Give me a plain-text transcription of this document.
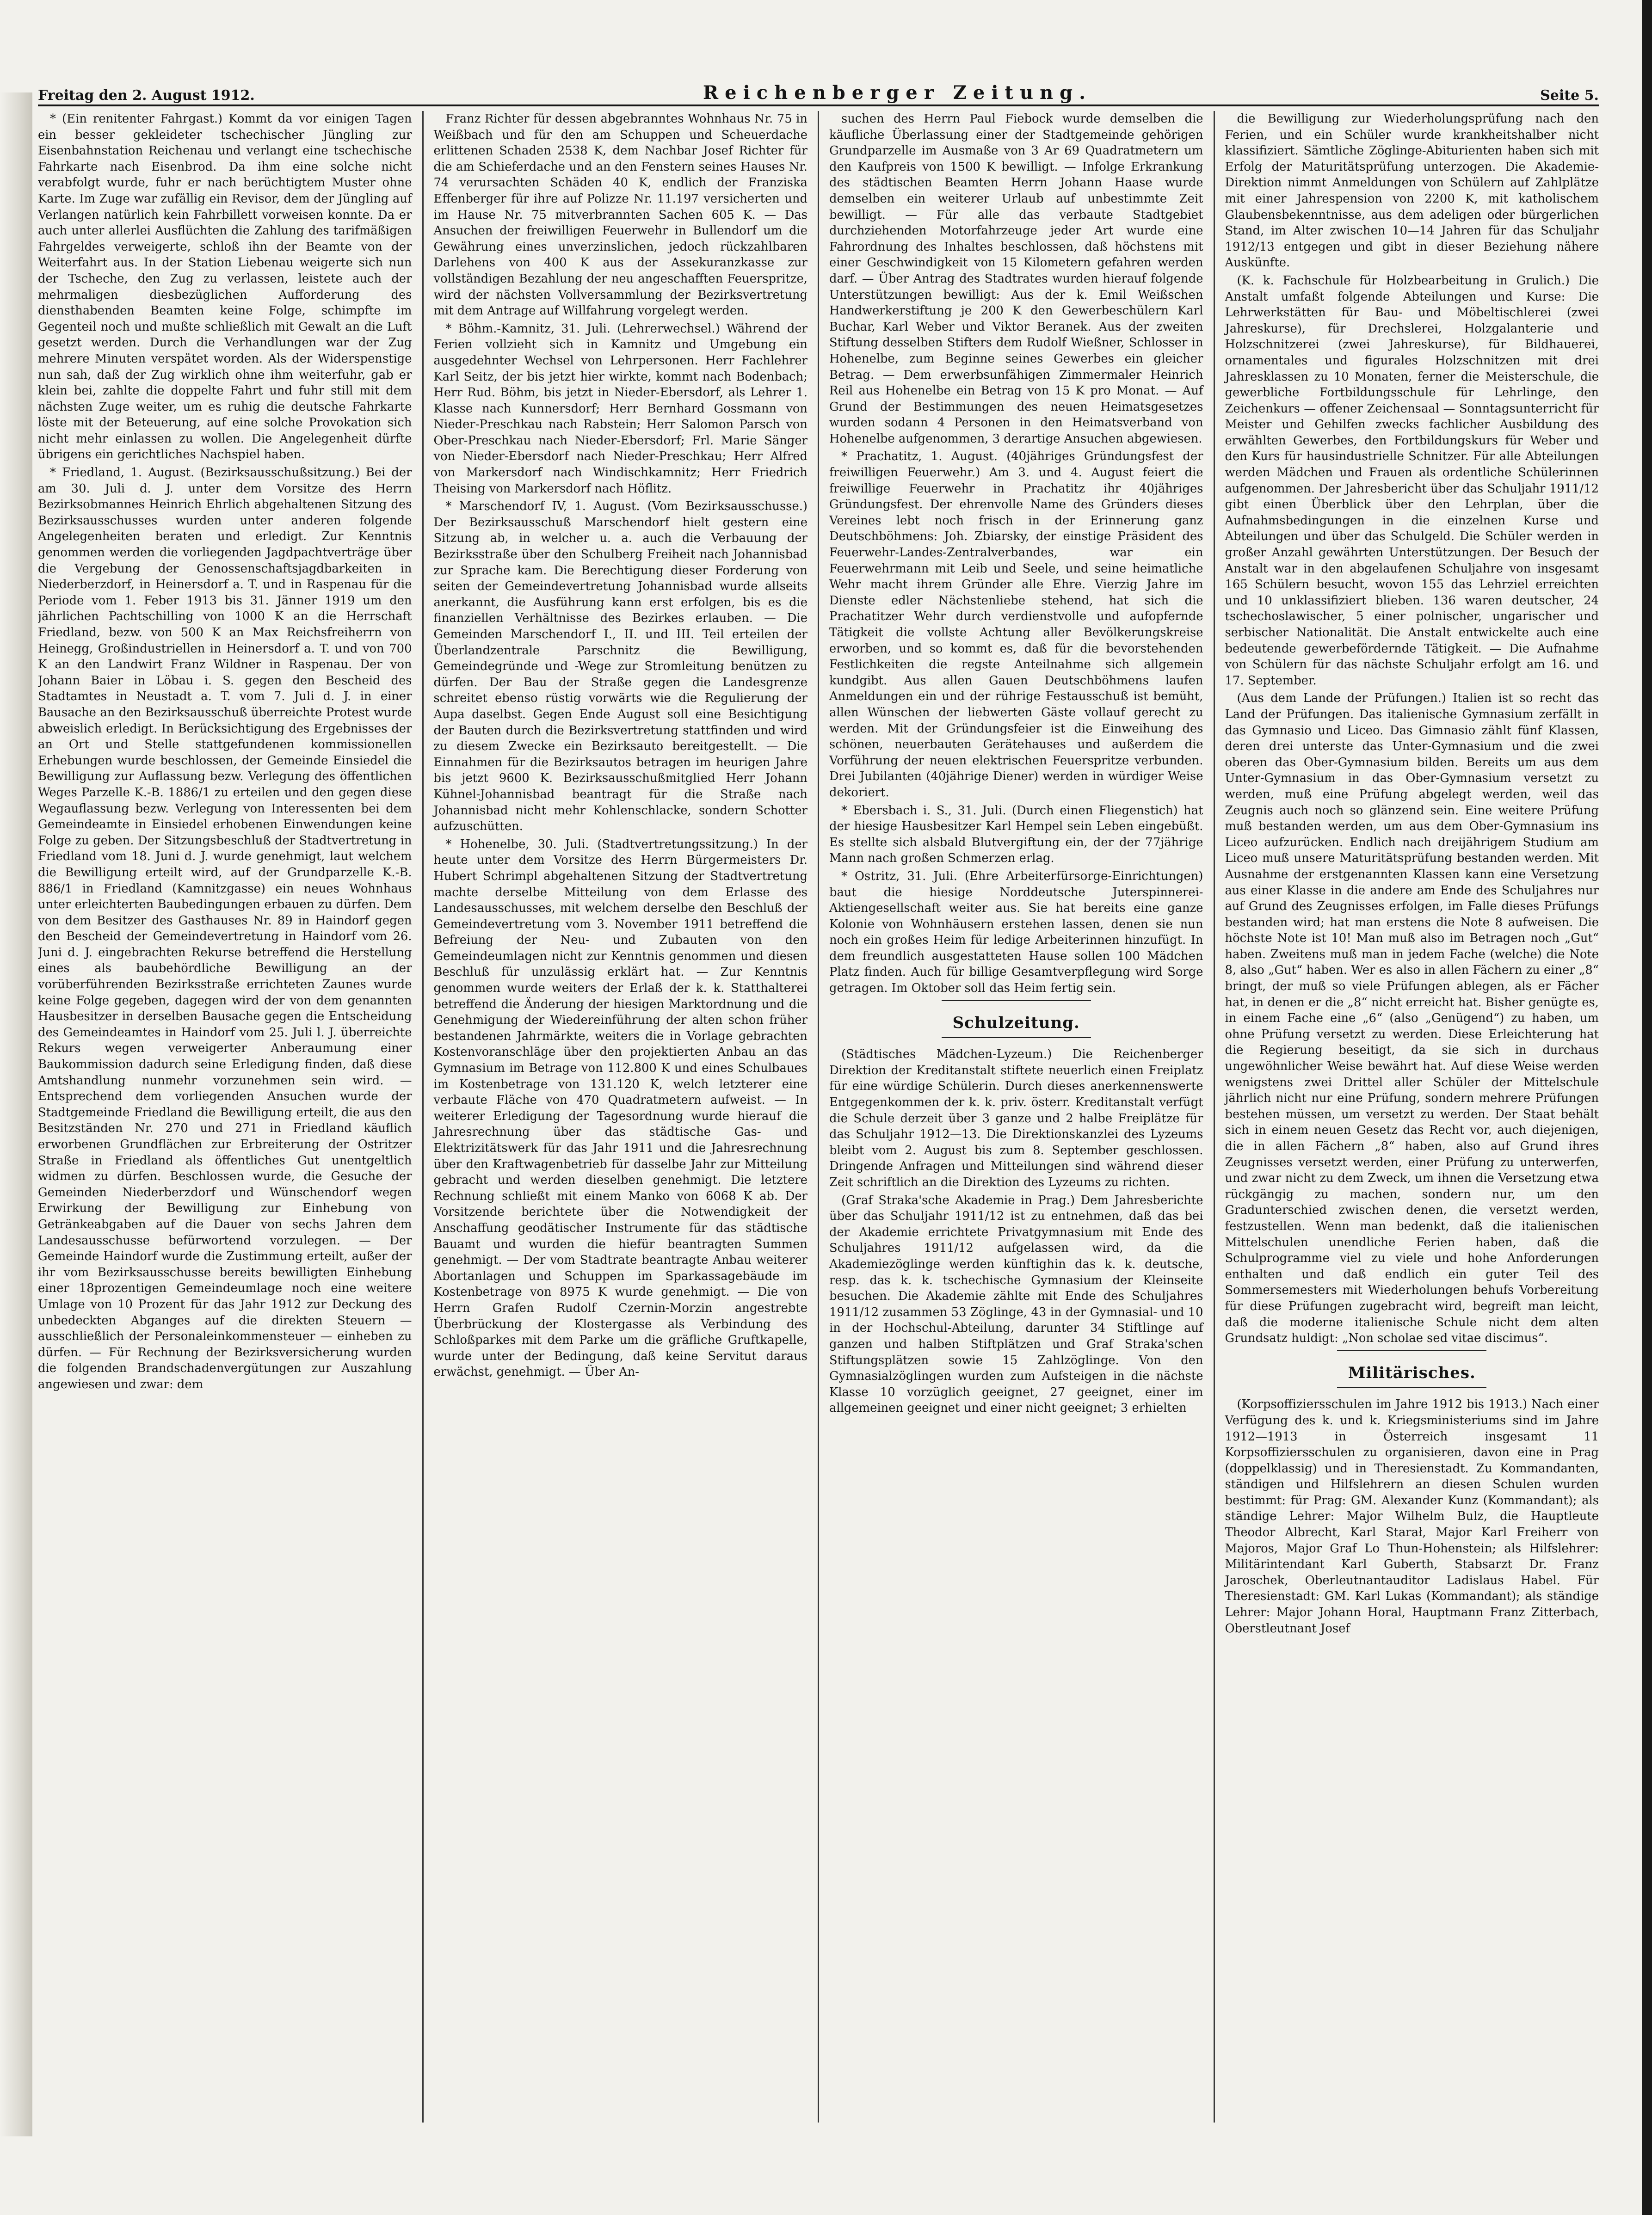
Freitag den 2. August 1912.	Reichenberger Zeitung.	Seite 5.

* (Ein renitenter Fahrgast.) Kommt da vor einigen Tagen ein besser gekleideter tschechischer Jüngling zur Eisenbahnstation Reichenau und verlangt eine tschechische Fahrkarte nach Eisenbrod. Da ihm eine solche nicht verabfolgt wurde, fuhr er nach berüchtigtem Muster ohne Karte. Im Zuge war zufällig ein Revisor, dem der Jüngling auf Verlangen natürlich kein Fahrbillett vorweisen konnte. Da er auch unter allerlei Ausflüchten die Zahlung des tarifmäßigen Fahrgeldes verweigerte, schloß ihn der Beamte von der Weiterfahrt aus. In der Station Liebenau weigerte sich nun der Tscheche, den Zug zu verlassen, leistete auch der mehrmaligen diesbezüglichen Aufforderung des diensthabenden Beamten keine Folge, schimpfte im Gegenteil noch und mußte schließlich mit Gewalt an die Luft gesetzt werden. Durch die Verhandlungen war der Zug mehrere Minuten verspätet worden. Als der Widerspenstige nun sah, daß der Zug wirklich ohne ihm weiterfuhr, gab er klein bei, zahlte die doppelte Fahrt und fuhr still mit dem nächsten Zuge weiter, um es ruhig die deutsche Fahrkarte löste mit der Beteuerung, auf eine solche Provokation sich nicht mehr einlassen zu wollen. Die Angelegenheit dürfte übrigens ein gerichtliches Nachspiel haben.

* Friedland, 1. August. (Bezirksausschußsitzung.) Bei der am 30. Juli d. J. unter dem Vorsitze des Herrn Bezirksobmannes Heinrich Ehrlich abgehaltenen Sitzung des Bezirksausschusses wurden unter anderen folgende Angelegenheiten beraten und erledigt. Zur Kenntnis genommen werden die vorliegenden Jagdpachtverträge über die Vergebung der Genossenschaftsjagdbarkeiten in Niederberzdorf, in Heinersdorf a. T. und in Raspenau für die Periode vom 1. Feber 1913 bis 31. Jänner 1919 um den jährlichen Pachtschilling von 1000 K an die Herrschaft Friedland, bezw. von 500 K an Max Reichsfreiherrn von Heinegg, Großindustriellen in Heinersdorf a. T. und von 700 K an den Landwirt Franz Wildner in Raspenau. Der von Johann Baier in Löbau i. S. gegen den Bescheid des Stadtamtes in Neustadt a. T. vom 7. Juli d. J. in einer Bausache an den Bezirksausschuß überreichte Protest wurde abweislich erledigt. In Berücksichtigung des Ergebnisses der an Ort und Stelle stattgefundenen kommissionellen Erhebungen wurde beschlossen, der Gemeinde Einsiedel die Bewilligung zur Auflassung bezw. Verlegung des öffentlichen Weges Parzelle K.-B. 1886/1 zu erteilen und den gegen diese Wegauflassung bezw. Verlegung von Interessenten bei dem Gemeindeamte in Einsiedel erhobenen Einwendungen keine Folge zu geben. Der Sitzungsbeschluß der Stadtvertretung in Friedland vom 18. Juni d. J. wurde genehmigt, laut welchem die Bewilligung erteilt wird, auf der Grundparzelle K.-B. 886/1 in Friedland (Kamnitzgasse) ein neues Wohnhaus unter erleichterten Baubedingungen erbauen zu dürfen. Dem von dem Besitzer des Gasthauses Nr. 89 in Haindorf gegen den Bescheid der Gemeindevertretung in Haindorf vom 26. Juni d. J. eingebrachten Rekurse betreffend die Herstellung eines als baubehördliche Bewilligung an der vorüberführenden Bezirksstraße errichteten Zaunes wurde keine Folge gegeben, dagegen wird der von dem genannten Hausbesitzer in derselben Bausache gegen die Entscheidung des Gemeindeamtes in Haindorf vom 25. Juli l. J. überreichte Rekurs wegen verweigerter Anberaumung einer Baukommission dadurch seine Erledigung finden, daß diese Amtshandlung nunmehr vorzunehmen sein wird. — Entsprechend dem vorliegenden Ansuchen wurde der Stadtgemeinde Friedland die Bewilligung erteilt, die aus den Besitzständen Nr. 270 und 271 in Friedland käuflich erworbenen Grundflächen zur Erbreiterung der Ostritzer Straße in Friedland als öffentliches Gut unentgeltlich widmen zu dürfen. Beschlossen wurde, die Gesuche der Gemeinden Niederberzdorf und Wünschendorf wegen Erwirkung der Bewilligung zur Einhebung von Getränkeabgaben auf die Dauer von sechs Jahren dem Landesausschusse befürwortend vorzulegen. — Der Gemeinde Haindorf wurde die Zustimmung erteilt, außer der ihr vom Bezirksausschusse bereits bewilligten Einhebung einer 18prozentigen Gemeindeumlage noch eine weitere Umlage von 10 Prozent für das Jahr 1912 zur Deckung des unbedeckten Abganges auf die direkten Steuern — ausschließlich der Personaleinkommensteuer — einheben zu dürfen. — Für Rechnung der Bezirksversicherung wurden die folgenden Brandschadenvergütungen zur Auszahlung angewiesen und zwar: dem

Franz Richter für dessen abgebranntes Wohnhaus Nr. 75 in Weißbach und für den am Schuppen und Scheuerdache erlittenen Schaden 2538 K, dem Nachbar Josef Richter für die am Schieferdache und an den Fenstern seines Hauses Nr. 74 verursachten Schäden 40 K, endlich der Franziska Effenberger für ihre auf Polizze Nr. 11.197 versicherten und im Hause Nr. 75 mitverbrannten Sachen 605 K. — Das Ansuchen der freiwilligen Feuerwehr in Bullendorf um die Gewährung eines unverzinslichen, jedoch rückzahlbaren Darlehens von 400 K aus der Assekuranzkasse zur vollständigen Bezahlung der neu angeschafften Feuerspritze, wird der nächsten Vollversammlung der Bezirksvertretung mit dem Antrage auf Willfahrung vorgelegt werden.

* Böhm.-Kamnitz, 31. Juli. (Lehrerwechsel.) Während der Ferien vollzieht sich in Kamnitz und Umgebung ein ausgedehnter Wechsel von Lehrpersonen. Herr Fachlehrer Karl Seitz, der bis jetzt hier wirkte, kommt nach Bodenbach; Herr Rud. Böhm, bis jetzt in Nieder-Ebersdorf, als Lehrer 1. Klasse nach Kunnersdorf; Herr Bernhard Gossmann von Nieder-Preschkau nach Rabstein; Herr Salomon Parsch von Ober-Preschkau nach Nieder-Ebersdorf; Frl. Marie Sänger von Nieder-Ebersdorf nach Nieder-Preschkau; Herr Alfred von Markersdorf nach Windischkamnitz; Herr Friedrich Theising von Markersdorf nach Höflitz.

* Marschendorf IV, 1. August. (Vom Bezirksausschusse.) Der Bezirksausschuß Marschendorf hielt gestern eine Sitzung ab, in welcher u. a. auch die Verbauung der Bezirksstraße über den Schulberg Freiheit nach Johannisbad zur Sprache kam. Die Berechtigung dieser Forderung von seiten der Gemeindevertretung Johannisbad wurde allseits anerkannt, die Ausführung kann erst erfolgen, bis es die finanziellen Verhältnisse des Bezirkes erlauben. — Die Gemeinden Marschendorf I., II. und III. Teil erteilen der Überlandzentrale Parschnitz die Bewilligung, Gemeindegründe und -Wege zur Stromleitung benützen zu dürfen. Der Bau der Straße gegen die Landesgrenze schreitet ebenso rüstig vorwärts wie die Regulierung der Aupa daselbst. Gegen Ende August soll eine Besichtigung der Bauten durch die Bezirksvertretung stattfinden und wird zu diesem Zwecke ein Bezirksauto bereitgestellt. — Die Einnahmen für die Bezirksautos betragen im heurigen Jahre bis jetzt 9600 K. Bezirksausschußmitglied Herr Johann Kühnel-Johannisbad beantragt für die Straße nach Johannisbad nicht mehr Kohlenschlacke, sondern Schotter aufzuschütten.

* Hohenelbe, 30. Juli. (Stadtvertretungssitzung.) In der heute unter dem Vorsitze des Herrn Bürgermeisters Dr. Hubert Schrimpl abgehaltenen Sitzung der Stadtvertretung machte derselbe Mitteilung von dem Erlasse des Landesausschusses, mit welchem derselbe den Beschluß der Gemeindevertretung vom 3. November 1911 betreffend die Befreiung der Neu- und Zubauten von den Gemeindeumlagen nicht zur Kenntnis genommen und diesen Beschluß für unzulässig erklärt hat. — Zur Kenntnis genommen wurde weiters der Erlaß der k. k. Statthalterei betreffend die Änderung der hiesigen Marktordnung und die Genehmigung der Wiedereinführung der alten schon früher bestandenen Jahrmärkte, weiters die in Vorlage gebrachten Kostenvoranschläge über den projektierten Anbau an das Gymnasium im Betrage von 112.800 K und eines Schulbaues im Kostenbetrage von 131.120 K, welch letzterer eine verbaute Fläche von 470 Quadratmetern aufweist. — In weiterer Erledigung der Tagesordnung wurde hierauf die Jahresrechnung über das städtische Gas- und Elektrizitätswerk für das Jahr 1911 und die Jahresrechnung über den Kraftwagenbetrieb für dasselbe Jahr zur Mitteilung gebracht und werden dieselben genehmigt. Die letztere Rechnung schließt mit einem Manko von 6068 K ab. Der Vorsitzende berichtete über die Notwendigkeit der Anschaffung geodätischer Instrumente für das städtische Bauamt und wurden die hiefür beantragten Summen genehmigt. — Der vom Stadtrate beantragte Anbau weiterer Abortanlagen und Schuppen im Sparkassagebäude im Kostenbetrage von 8975 K wurde genehmigt. — Die von Herrn Grafen Rudolf Czernin-Morzin angestrebte Überbrückung der Klostergasse als Verbindung des Schloßparkes mit dem Parke um die gräfliche Gruftkapelle, wurde unter der Bedingung, daß keine Servitut daraus erwächst, genehmigt. — Über An-

suchen des Herrn Paul Fiebock wurde demselben die käufliche Überlassung einer der Stadtgemeinde gehörigen Grundparzelle im Ausmaße von 3 Ar 69 Quadratmetern um den Kaufpreis von 1500 K bewilligt. — Infolge Erkrankung des städtischen Beamten Herrn Johann Haase wurde demselben ein weiterer Urlaub auf unbestimmte Zeit bewilligt. — Für alle das verbaute Stadtgebiet durchziehenden Motorfahrzeuge jeder Art wurde eine Fahrordnung des Inhaltes beschlossen, daß höchstens mit einer Geschwindigkeit von 15 Kilometern gefahren werden darf. — Über Antrag des Stadtrates wurden hierauf folgende Unterstützungen bewilligt: Aus der k. Emil Weißschen Handwerkerstiftung je 200 K den Gewerbeschülern Karl Buchar, Karl Weber und Viktor Beranek. Aus der zweiten Stiftung desselben Stifters dem Rudolf Wießner, Schlosser in Hohenelbe, zum Beginne seines Gewerbes ein gleicher Betrag. — Dem erwerbsunfähigen Zimmermaler Heinrich Reil aus Hohenelbe ein Betrag von 15 K pro Monat. — Auf Grund der Bestimmungen des neuen Heimatsgesetzes wurden sodann 4 Personen in den Heimatsverband von Hohenelbe aufgenommen, 3 derartige Ansuchen abgewiesen.

* Prachatitz, 1. August. (40jähriges Gründungsfest der freiwilligen Feuerwehr.) Am 3. und 4. August feiert die freiwillige Feuerwehr in Prachatitz ihr 40jähriges Gründungsfest. Der ehrenvolle Name des Gründers dieses Vereines lebt noch frisch in der Erinnerung ganz Deutschböhmens: Joh. Zbiarsky, der einstige Präsident des Feuerwehr-Landes-Zentralverbandes, war ein Feuerwehrmann mit Leib und Seele, und seine heimatliche Wehr macht ihrem Gründer alle Ehre. Vierzig Jahre im Dienste edler Nächstenliebe stehend, hat sich die Prachatitzer Wehr durch verdienstvolle und aufopfernde Tätigkeit die vollste Achtung aller Bevölkerungskreise erworben, und so kommt es, daß für die bevorstehenden Festlichkeiten die regste Anteilnahme sich allgemein kundgibt. Aus allen Gauen Deutschböhmens laufen Anmeldungen ein und der rührige Festausschuß ist bemüht, allen Wünschen der liebwerten Gäste vollauf gerecht zu werden. Mit der Gründungsfeier ist die Einweihung des schönen, neuerbauten Gerätehauses und außerdem die Vorführung der neuen elektrischen Feuerspritze verbunden. Drei Jubilanten (40jährige Diener) werden in würdiger Weise dekoriert.

* Ebersbach i. S., 31. Juli. (Durch einen Fliegenstich) hat der hiesige Hausbesitzer Karl Hempel sein Leben eingebüßt. Es stellte sich alsbald Blutvergiftung ein, der der 77jährige Mann nach großen Schmerzen erlag.

* Ostritz, 31. Juli. (Ehre Arbeiterfürsorge-Einrichtungen) baut die hiesige Norddeutsche Juterspinnerei-Aktiengesellschaft weiter aus. Sie hat bereits eine ganze Kolonie von Wohnhäusern erstehen lassen, denen sie nun noch ein großes Heim für ledige Arbeiterinnen hinzufügt. In dem freundlich ausgestatteten Hause sollen 100 Mädchen Platz finden. Auch für billige Gesamtverpflegung wird Sorge getragen. Im Oktober soll das Heim fertig sein.

Schulzeitung.

(Städtisches Mädchen-Lyzeum.) Die Reichenberger Direktion der Kreditanstalt stiftete neuerlich einen Freiplatz für eine würdige Schülerin. Durch dieses anerkennenswerte Entgegenkommen der k. k. priv. österr. Kreditanstalt verfügt die Schule derzeit über 3 ganze und 2 halbe Freiplätze für das Schuljahr 1912—13. Die Direktionskanzlei des Lyzeums bleibt vom 2. August bis zum 8. September geschlossen. Dringende Anfragen und Mitteilungen sind während dieser Zeit schriftlich an die Direktion des Lyzeums zu richten.

(Graf Straka'sche Akademie in Prag.) Dem Jahresberichte über das Schuljahr 1911/12 ist zu entnehmen, daß das bei der Akademie errichtete Privatgymnasium mit Ende des Schuljahres 1911/12 aufgelassen wird, da die Akademiezöglinge werden künftighin das k. k. deutsche, resp. das k. k. tschechische Gymnasium der Kleinseite besuchen. Die Akademie zählte mit Ende des Schuljahres 1911/12 zusammen 53 Zöglinge, 43 in der Gymnasial- und 10 in der Hochschul-Abteilung, darunter 34 Stiftlinge auf ganzen und halben Stiftplätzen und Graf Straka'schen Stiftungsplätzen sowie 15 Zahlzöglinge. Von den Gymnasialzöglingen wurden zum Aufsteigen in die nächste Klasse 10 vorzüglich geeignet, 27 geeignet, einer im allgemeinen geeignet und einer nicht geeignet; 3 erhielten

die Bewilligung zur Wiederholungsprüfung nach den Ferien, und ein Schüler wurde krankheitshalber nicht klassifiziert. Sämtliche Zöglinge-Abiturienten haben sich mit Erfolg der Maturitätsprüfung unterzogen. Die Akademie-Direktion nimmt Anmeldungen von Schülern auf Zahlplätze mit einer Jahrespension von 2200 K, mit katholischem Glaubensbekenntnisse, aus dem adeligen oder bürgerlichen Stand, im Alter zwischen 10—14 Jahren für das Schuljahr 1912/13 entgegen und gibt in dieser Beziehung nähere Auskünfte.

(K. k. Fachschule für Holzbearbeitung in Grulich.) Die Anstalt umfaßt folgende Abteilungen und Kurse: Die Lehrwerkstätten für Bau- und Möbeltischlerei (zwei Jahreskurse), für Drechslerei, Holzgalanterie und Holzschnitzerei (zwei Jahreskurse), für Bildhauerei, ornamentales und figurales Holzschnitzen mit drei Jahresklassen zu 10 Monaten, ferner die Meisterschule, die gewerbliche Fortbildungsschule für Lehrlinge, den Zeichenkurs — offener Zeichensaal — Sonntagsunterricht für Meister und Gehilfen zwecks fachlicher Ausbildung des erwählten Gewerbes, den Fortbildungskurs für Weber und den Kurs für hausindustrielle Schnitzer. Für alle Abteilungen werden Mädchen und Frauen als ordentliche Schülerinnen aufgenommen. Der Jahresbericht über das Schuljahr 1911/12 gibt einen Überblick über den Lehrplan, über die Aufnahmsbedingungen in die einzelnen Kurse und Abteilungen und über das Schulgeld. Die Schüler werden in großer Anzahl gewährten Unterstützungen. Der Besuch der Anstalt war in den abgelaufenen Schuljahre von insgesamt 165 Schülern besucht, wovon 155 das Lehrziel erreichten und 10 unklassifiziert blieben. 136 waren deutscher, 24 tschechoslawischer, 5 einer polnischer, ungarischer und serbischer Nationalität. Die Anstalt entwickelte auch eine bedeutende gewerbefördernde Tätigkeit. — Die Aufnahme von Schülern für das nächste Schuljahr erfolgt am 16. und 17. September.

(Aus dem Lande der Prüfungen.) Italien ist so recht das Land der Prüfungen. Das italienische Gymnasium zerfällt in das Gymnasio und Liceo. Das Gimnasio zählt fünf Klassen, deren drei unterste das Unter-Gymnasium und die zwei oberen das Ober-Gymnasium bilden. Bereits um aus dem Unter-Gymnasium in das Ober-Gymnasium versetzt zu werden, muß eine Prüfung abgelegt werden, weil das Zeugnis auch noch so glänzend sein. Eine weitere Prüfung muß bestanden werden, um aus dem Ober-Gymnasium ins Liceo aufzurücken. Endlich nach dreijährigem Studium am Liceo muß unsere Maturitätsprüfung bestanden werden. Mit Ausnahme der erstgenannten Klassen kann eine Versetzung aus einer Klasse in die andere am Ende des Schuljahres nur auf Grund des Zeugnisses erfolgen, im Falle dieses Prüfungs bestanden wird; hat man erstens die Note 8 aufweisen. Die höchste Note ist 10! Man muß also im Betragen noch „Gut“ haben. Zweitens muß man in jedem Fache (welche) die Note 8, also „Gut“ haben. Wer es also in allen Fächern zu einer „8“ bringt, der muß so viele Prüfungen ablegen, als er Fächer hat, in denen er die „8“ nicht erreicht hat. Bisher genügte es, in einem Fache eine „6“ (also „Genügend“) zu haben, um ohne Prüfung versetzt zu werden. Diese Erleichterung hat die Regierung beseitigt, da sie sich in durchaus ungewöhnlicher Weise bewährt hat. Auf diese Weise werden wenigstens zwei Drittel aller Schüler der Mittelschule jährlich nicht nur eine Prüfung, sondern mehrere Prüfungen bestehen müssen, um versetzt zu werden. Der Staat behält sich in einem neuen Gesetz das Recht vor, auch diejenigen, die in allen Fächern „8“ haben, also auf Grund ihres Zeugnisses versetzt werden, einer Prüfung zu unterwerfen, und zwar nicht zu dem Zweck, um ihnen die Versetzung etwa rückgängig zu machen, sondern nur, um den Gradunterschied zwischen denen, die versetzt werden, festzustellen. Wenn man bedenkt, daß die italienischen Mittelschulen unendliche Ferien haben, daß die Schulprogramme viel zu viele und hohe Anforderungen enthalten und daß endlich ein guter Teil des Sommersemesters mit Wiederholungen behufs Vorbereitung für diese Prüfungen zugebracht wird, begreift man leicht, daß die moderne italienische Schule nicht dem alten Grundsatz huldigt: „Non scholae sed vitae discimus“.

Militärisches.

(Korpsoffiziersschulen im Jahre 1912 bis 1913.) Nach einer Verfügung des k. und k. Kriegsministeriums sind im Jahre 1912—1913 in Österreich insgesamt 11 Korpsoffiziersschulen zu organisieren, davon eine in Prag (doppelklassig) und in Theresienstadt. Zu Kommandanten, ständigen und Hilfslehrern an diesen Schulen wurden bestimmt: für Prag: GM. Alexander Kunz (Kommandant); als ständige Lehrer: Major Wilhelm Bulz, die Hauptleute Theodor Albrecht, Karl Starał, Major Karl Freiherr von Majoros, Major Graf Lo Thun-Hohenstein; als Hilfslehrer: Militärintendant Karl Guberth, Stabsarzt Dr. Franz Jaroschek, Oberleutnantauditor Ladislaus Habel. Für Theresienstadt: GM. Karl Lukas (Kommandant); als ständige Lehrer: Major Johann Horal, Hauptmann Franz Zitterbach, Oberstleutnant Josef
